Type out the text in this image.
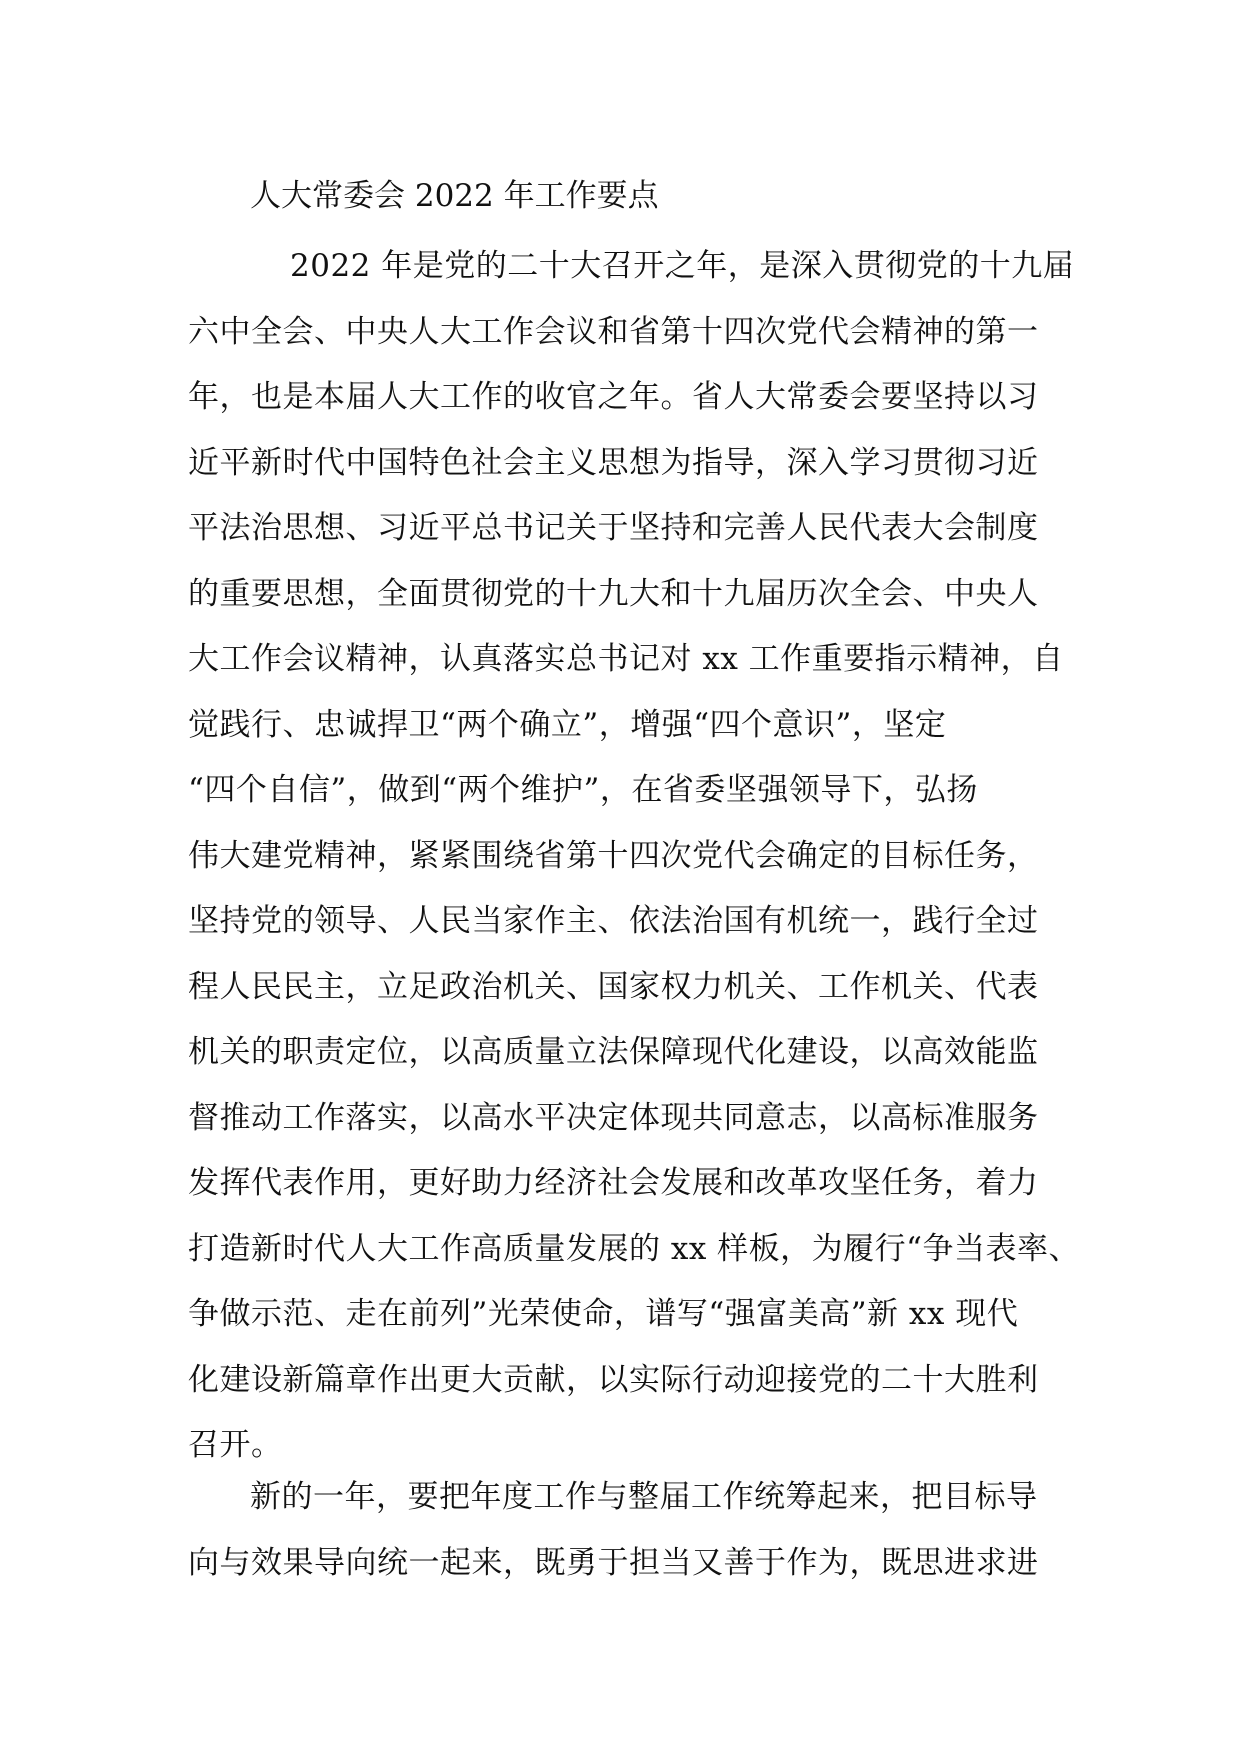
人大常委会 2022 年工作要点
2022 年是党的二十大召开之年，是深入贯彻党的十九届
六中全会、中央人大工作会议和省第十四次党代会精神的第一
年，也是本届人大工作的收官之年。省人大常委会要坚持以习
近平新时代中国特色社会主义思想为指导，深入学习贯彻习近
平法治思想、习近平总书记关于坚持和完善人民代表大会制度
的重要思想，全面贯彻党的十九大和十九届历次全会、中央人
大工作会议精神，认真落实总书记对 xx 工作重要指示精神，自
觉践行、忠诚捍卫“两个确立”，增强“四个意识”，坚定
“四个自信”，做到“两个维护”，在省委坚强领导下，弘扬
伟大建党精神，紧紧围绕省第十四次党代会确定的目标任务，
坚持党的领导、人民当家作主、依法治国有机统一，践行全过
程人民民主，立足政治机关、国家权力机关、工作机关、代表
机关的职责定位，以高质量立法保障现代化建设，以高效能监
督推动工作落实，以高水平决定体现共同意志，以高标准服务
发挥代表作用，更好助力经济社会发展和改革攻坚任务，着力
打造新时代人大工作高质量发展的 xx 样板，为履行“争当表率、
争做示范、走在前列”光荣使命，谱写“强富美高”新 xx 现代
化建设新篇章作出更大贡献，以实际行动迎接党的二十大胜利
召开。
新的一年，要把年度工作与整届工作统筹起来，把目标导
向与效果导向统一起来，既勇于担当又善于作为，既思进求进
